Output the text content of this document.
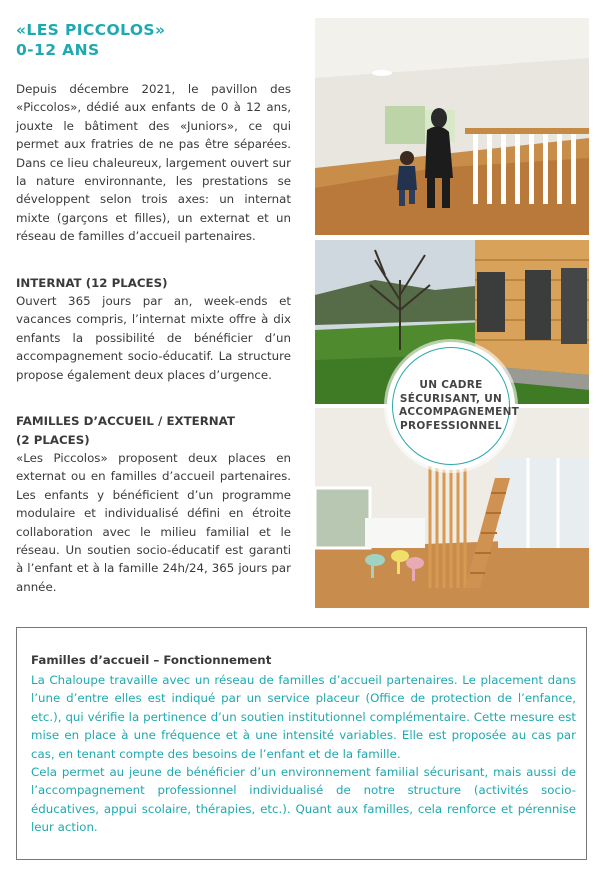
«LES PICCOLOS»
0-12 ANS

Depuis décembre 2021, le pavillon des «Piccolos», dédié aux enfants de 0 à 12 ans, jouxte le bâtiment des «Juniors», ce qui permet aux fratries de ne pas être séparées. Dans ce lieu chaleureux, largement ouvert sur la nature environnante, les prestations se développent selon trois axes: un internat mixte (garçons et filles), un externat et un réseau de familles d’accueil partenaires.

INTERNAT (12 PLACES)

Ouvert 365 jours par an, week-ends et vacances compris, l’internat mixte offre à dix enfants la possibilité de bénéficier d’un accompagnement socio-éducatif. La structure propose également deux places d’urgence.

FAMILLES D’ACCUEIL / EXTERNAT
(2 PLACES)

«Les Piccolos» proposent deux places en externat ou en familles d’accueil partenaires. Les enfants y bénéficient d’un programme modulaire et individualisé défini en étroite collaboration avec le milieu familial et le réseau. Un soutien socio-éducatif est garanti à l’enfant et à la famille 24h/24, 365 jours par année.

UN CADRE SÉCURISANT, UN ACCOMPAGNEMENT PROFESSIONNEL
Familles d’accueil – Fonctionnement
La Chaloupe travaille avec un réseau de familles d’accueil partenaires. Le placement dans l’une d’entre elles est indiqué par un service placeur (Office de protection de l’enfance, etc.), qui vérifie la pertinence d’un soutien institutionnel complémentaire. Cette mesure est mise en place à une fréquence et à une intensité variables. Elle est proposée au cas par cas, en tenant compte des besoins de l’enfant et de la famille.
Cela permet au jeune de bénéficier d’un environnement familial sécurisant, mais aussi de l’accompagnement professionnel individualisé de notre structure (activités socio-éducatives, appui scolaire, thérapies, etc.). Quant aux familles, cela renforce et pérennise leur action.
